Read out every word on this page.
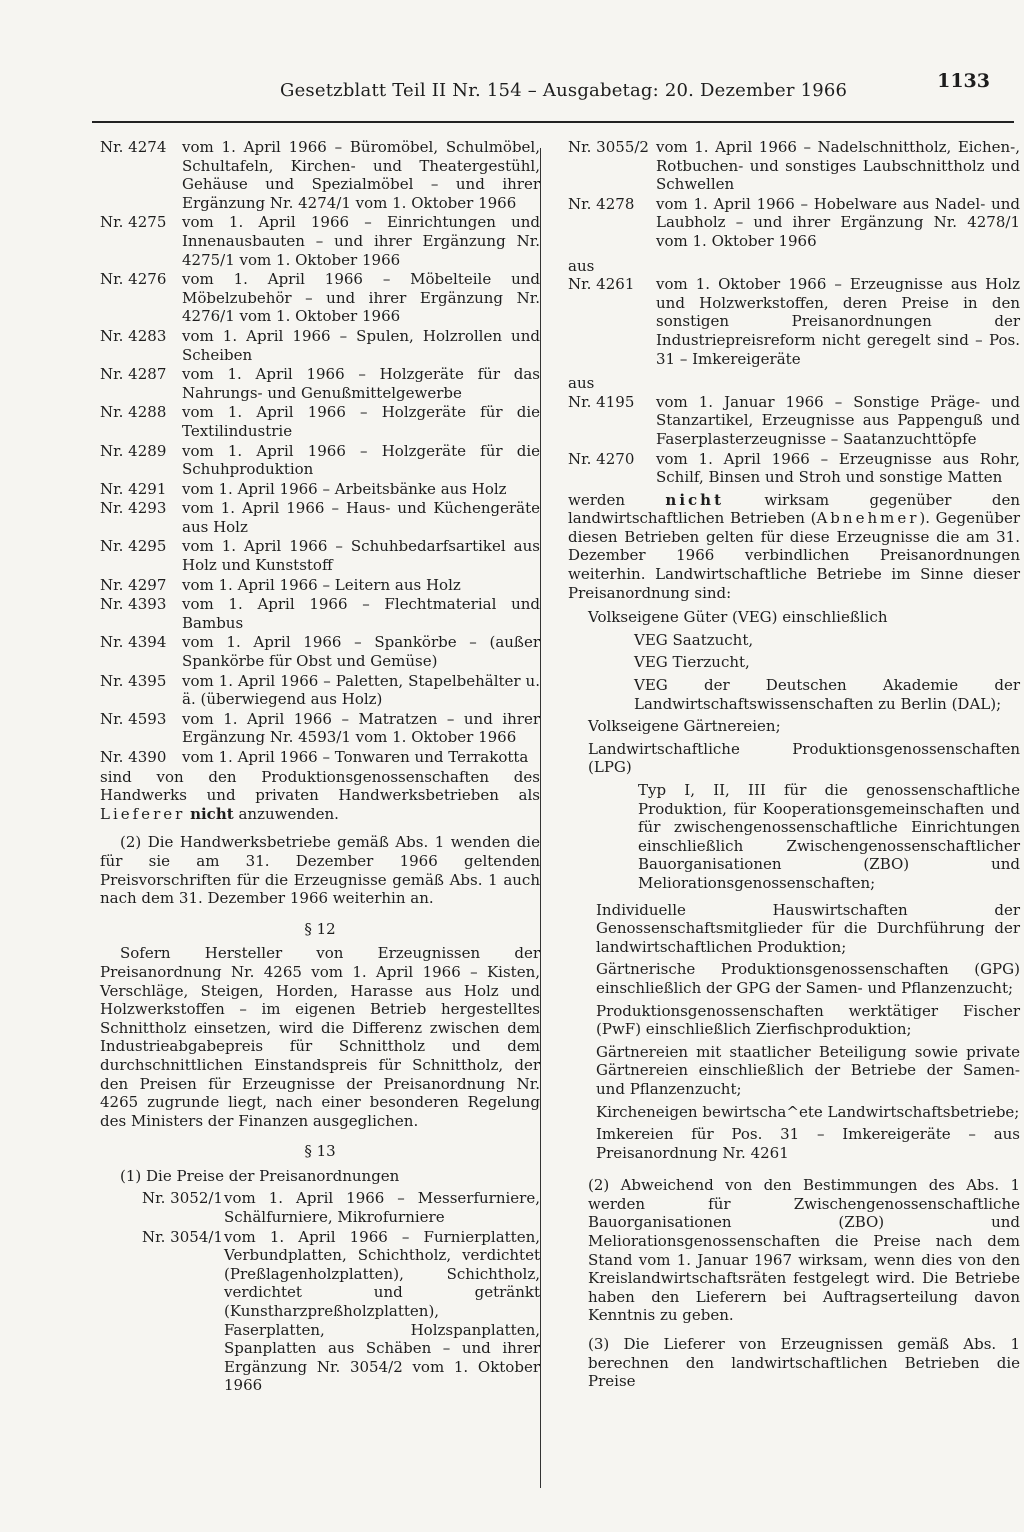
Gesetzblatt Teil II Nr. 154 – Ausgabetag: 20. Dezember 1966	1133
Nr. 4274	vom 1. April 1966 – Büromöbel, Schulmöbel, Schultafeln, Kirchen- und Theatergestühl, Gehäuse und Spezialmöbel – und ihrer Ergänzung Nr. 4274/1 vom 1. Oktober 1966
Nr. 4275	vom 1. April 1966 – Einrichtungen und Innenausbauten – und ihrer Ergänzung Nr. 4275/1 vom 1. Oktober 1966
Nr. 4276	vom 1. April 1966 – Möbelteile und Möbelzubehör – und ihrer Ergänzung Nr. 4276/1 vom 1. Oktober 1966
Nr. 4283	vom 1. April 1966 – Spulen, Holzrollen und Scheiben
Nr. 4287	vom 1. April 1966 – Holzgeräte für das Nahrungs- und Genußmittelgewerbe
Nr. 4288	vom 1. April 1966 – Holzgeräte für die Textilindustrie
Nr. 4289	vom 1. April 1966 – Holzgeräte für die Schuhproduktion
Nr. 4291	vom 1. April 1966 – Arbeitsbänke aus Holz
Nr. 4293	vom 1. April 1966 – Haus- und Küchengeräte aus Holz
Nr. 4295	vom 1. April 1966 – Schuhbedarfsartikel aus Holz und Kunststoff
Nr. 4297	vom 1. April 1966 – Leitern aus Holz
Nr. 4393	vom 1. April 1966 – Flechtmaterial und Bambus
Nr. 4394	vom 1. April 1966 – Spankörbe – (außer Spankörbe für Obst und Gemüse)
Nr. 4395	vom 1. April 1966 – Paletten, Stapelbehälter u. ä. (überwiegend aus Holz)
Nr. 4593	vom 1. April 1966 – Matratzen – und ihrer Ergänzung Nr. 4593/1 vom 1. Oktober 1966
Nr. 4390	vom 1. April 1966 – Tonwaren und Terrakotta

sind von den Produktionsgenossenschaften des Handwerks und privaten Handwerksbetrieben als Lieferer nicht anzuwenden.

(2) Die Handwerksbetriebe gemäß Abs. 1 wenden die für sie am 31. Dezember 1966 geltenden Preisvorschriften für die Erzeugnisse gemäß Abs. 1 auch nach dem 31. Dezember 1966 weiterhin an.

§ 12

Sofern Hersteller von Erzeugnissen der Preisanordnung Nr. 4265 vom 1. April 1966 – Kisten, Verschläge, Steigen, Horden, Harasse aus Holz und Holzwerkstoffen – im eigenen Betrieb hergestelltes Schnittholz einsetzen, wird die Differenz zwischen dem Industrieabgabepreis für Schnittholz und dem durchschnittlichen Einstandspreis für Schnittholz, der den Preisen für Erzeugnisse der Preisanordnung Nr. 4265 zugrunde liegt, nach einer besonderen Regelung des Ministers der Finanzen ausgeglichen.

§ 13

(1) Die Preise der Preisanordnungen

Nr. 3052/1 vom 1. April 1966 – Messerfurniere, Schälfurniere, Mikrofurniere
Nr. 3054/1 vom 1. April 1966 – Furnierplatten, Verbundplatten, Schichtholz, verdichtet (Preßlagenholzplatten), Schichtholz, verdichtet und getränkt (Kunstharzpreßholzplatten), Faserplatten, Holzspanplatten, Spanplatten aus Schäben – und ihrer Ergänzung Nr. 3054/2 vom 1. Oktober 1966
Nr. 3055/2 vom 1. April 1966 – Nadelschnittholz, Eichen-, Rotbuchen- und sonstiges Laubschnittholz und Schwellen
Nr. 4278	vom 1. April 1966 – Hobelware aus Nadel- und Laubholz – und ihrer Ergänzung Nr. 4278/1 vom 1. Oktober 1966
aus
Nr. 4261	vom 1. Oktober 1966 – Erzeugnisse aus Holz und Holzwerkstoffen, deren Preise in den sonstigen Preisanordnungen der Industriepreisreform nicht geregelt sind – Pos. 31 – Imkereigeräte
aus
Nr. 4195	vom 1. Januar 1966 – Sonstige Präge- und Stanzartikel, Erzeugnisse aus Pappenguß und Faserplasterzeugnisse – Saatanzuchttöpfe
Nr. 4270	vom 1. April 1966 – Erzeugnisse aus Rohr, Schilf, Binsen und Stroh und sonstige Matten

werden	nicht	wirksam gegenüber den landwirtschaftlichen Betrieben (Abnehmer). Gegenüber diesen Betrieben gelten für diese Erzeugnisse die am 31. Dezember 1966 verbindlichen Preisanordnungen weiterhin. Landwirtschaftliche Betriebe im Sinne dieser Preisanordnung sind:

Volkseigene Güter (VEG) einschließlich
VEG Saatzucht,
VEG Tierzucht,
VEG der Deutschen Akademie der Landwirtschaftswissenschaften zu Berlin (DAL);
Volkseigene Gärtnereien;
Landwirtschaftliche Produktionsgenossenschaften (LPG)
Typ I, II, III für die genossenschaftliche Produktion, für Kooperationsgemeinschaften und für zwischengenossenschaftliche Einrichtungen einschließlich Zwischengenossenschaftlicher Bauorganisationen (ZBO) und Meliorationsgenossenschaften;
Individuelle Hauswirtschaften der Genossenschaftsmitglieder für die Durchführung der landwirtschaftlichen Produktion;
Gärtnerische Produktionsgenossenschaften (GPG) einschließlich der GPG der Samen- und Pflanzenzucht;
Produktionsgenossenschaften werktätiger Fischer (PwF) einschließlich Zierfischproduktion;
Gärtnereien mit staatlicher Beteiligung sowie private Gärtnereien einschließlich der Betriebe der Samen- und Pflanzenzucht;
Kircheneigen bewirtscha^ete Landwirtschaftsbetriebe;
Imkereien für Pos. 31 – Imkereigeräte – aus Preisanordnung Nr. 4261

(2) Abweichend von den Bestimmungen des Abs. 1 werden für Zwischengenossenschaftliche Bauorganisationen (ZBO) und Meliorationsgenossenschaften die Preise nach dem Stand vom 1. Januar 1967 wirksam, wenn dies von den Kreislandwirtschaftsräten festgelegt wird. Die Betriebe haben den Lieferern bei Auftragserteilung davon Kenntnis zu geben.

(3) Die Lieferer von Erzeugnissen gemäß Abs. 1 berechnen den landwirtschaftlichen Betrieben die Preise
